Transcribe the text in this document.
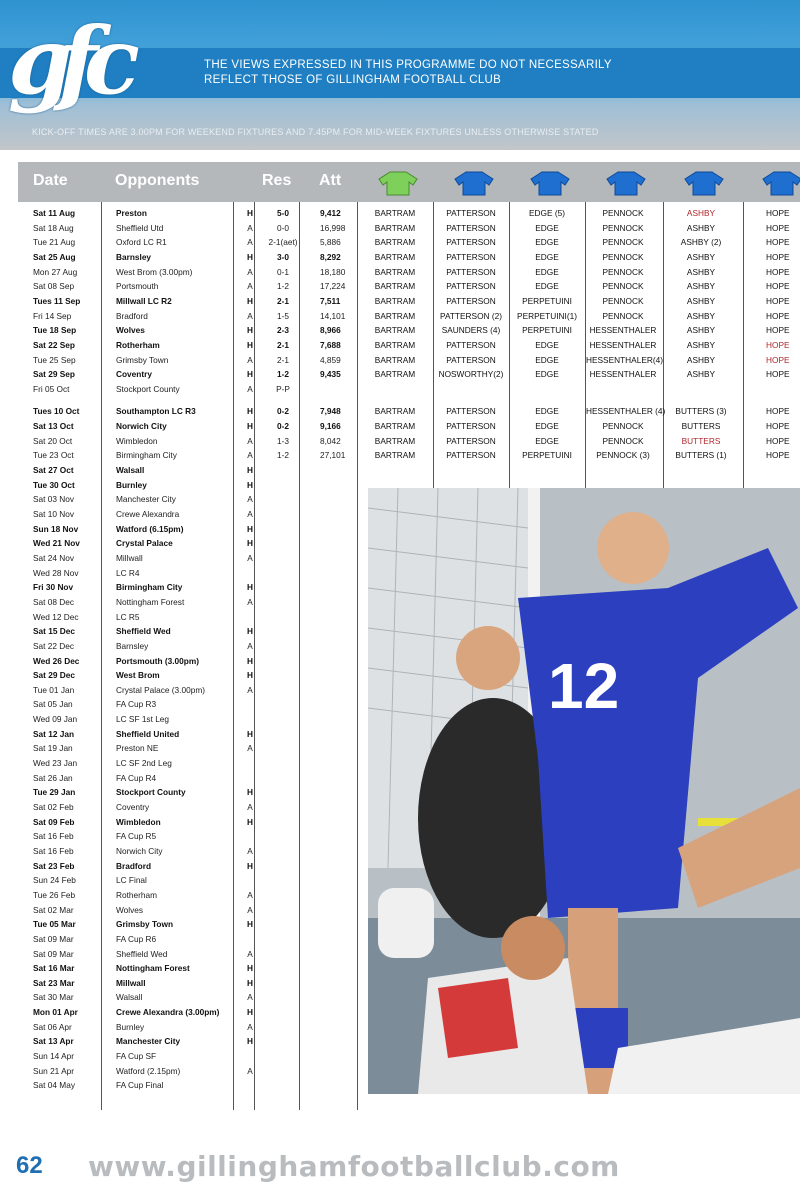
gfc	THE VIEWS EXPRESSED IN THIS PROGRAMME DO NOT NECESSARILY
REFLECT THOSE OF GILLINGHAM FOOTBALL CLUB
KICK-OFF TIMES ARE 3.00PM FOR WEEKEND FIXTURES AND 7.45PM FOR MID-WEEK FIXTURES UNLESS OTHERWISE STATED
Date	Opponents	Res Att
Sat 11 Aug	Preston	H	5-0	9,412	BARTRAM	PATTERSON	EDGE (5)	PENNOCK	ASHBY	HOPE
Sat 18 Aug	Sheffield Utd	A	0-0	16,998	BARTRAM	PATTERSON	EDGE	PENNOCK	ASHBY	HOPE
Tue 21 Aug	Oxford LC R1	A	2-1(aet)	5,886	BARTRAM	PATTERSON	EDGE	PENNOCK	ASHBY (2)	HOPE
Sat 25 Aug	Barnsley	H	3-0	8,292	BARTRAM	PATTERSON	EDGE	PENNOCK	ASHBY	HOPE
Mon 27 Aug	West Brom (3.00pm)	A	0-1	18,180	BARTRAM	PATTERSON	EDGE	PENNOCK	ASHBY	HOPE
Sat 08 Sep	Portsmouth	A	1-2	17,224	BARTRAM	PATTERSON	EDGE	PENNOCK	ASHBY	HOPE
Tues 11 Sep	Millwall LC R2	H	2-1	7,511	BARTRAM	PATTERSON	PERPETUINI	PENNOCK	ASHBY	HOPE
Fri 14 Sep	Bradford	A	1-5	14,101	BARTRAM	PATTERSON (2)	PERPETUINI(1)	PENNOCK	ASHBY	HOPE
Tue 18 Sep	Wolves	H	2-3	8,966	BARTRAM	SAUNDERS (4)	PERPETUINI	HESSENTHALER	ASHBY	HOPE
Sat 22 Sep	Rotherham	H	2-1	7,688	BARTRAM	PATTERSON	EDGE	HESSENTHALER	ASHBY	HOPE
Tue 25 Sep	Grimsby Town	A	2-1	4,859	BARTRAM	PATTERSON	EDGE	HESSENTHALER(4)	ASHBY	HOPE
Sat 29 Sep	Coventry	H	1-2	9,435	BARTRAM	NOSWORTHY(2)	EDGE	HESSENTHALER	ASHBY	HOPE
Fri 05 Oct	Stockport County	A	P-P
Tues 10 Oct	Southampton LC R3	H	0-2	7,948	BARTRAM	PATTERSON	EDGE	HESSENTHALER (4)	BUTTERS (3)	HOPE
Sat 13 Oct	Norwich City	H	0-2	9,166	BARTRAM	PATTERSON	EDGE	PENNOCK	BUTTERS	HOPE
Sat 20 Oct	Wimbledon	A	1-3	8,042	BARTRAM	PATTERSON	EDGE	PENNOCK	BUTTERS	HOPE
Tue 23 Oct	Birmingham City	A	1-2	27,101	BARTRAM	PATTERSON	PERPETUINI	PENNOCK (3)	BUTTERS (1)	HOPE
Sat 27 Oct	Walsall	H
Tue 30 Oct	Burnley	H
Sat 03 Nov	Manchester City	A
Sat 10 Nov	Crewe Alexandra	A
Sun 18 Nov	Watford (6.15pm)	H
Wed 21 Nov	Crystal Palace	H
Sat 24 Nov	Millwall	A
Wed 28 Nov	LC R4
Fri 30 Nov	Birmingham City	H
Sat 08 Dec	Nottingham Forest	A
Wed 12 Dec	LC R5
Sat 15 Dec	Sheffield Wed	H
Sat 22 Dec	Barnsley	A
Wed 26 Dec	Portsmouth (3.00pm)	H
Sat 29 Dec	West Brom	H
Tue 01 Jan	Crystal Palace (3.00pm)	A
Sat 05 Jan	FA Cup R3
Wed 09 Jan	LC SF 1st Leg
Sat 12 Jan	Sheffield United	H
Sat 19 Jan	Preston NE	A
Wed 23 Jan	LC SF 2nd Leg
Sat 26 Jan	FA Cup R4
Tue 29 Jan	Stockport County	H
Sat 02 Feb	Coventry	A
Sat 09 Feb	Wimbledon	H
Sat 16 Feb	FA Cup R5
Sat 16 Feb	Norwich City	A
Sat 23 Feb	Bradford	H
Sun 24 Feb	LC Final
Tue 26 Feb	Rotherham	A
Sat 02 Mar	Wolves	A
Tue 05 Mar	Grimsby Town	H
Sat 09 Mar	FA Cup R6
Sat 09 Mar	Sheffield Wed	A
Sat 16 Mar	Nottingham Forest	H
Sat 23 Mar	Millwall	H
Sat 30 Mar	Walsall	A
Mon 01 Apr	Crewe Alexandra (3.00pm)	H
Sat 06 Apr	Burnley	A
Sat 13 Apr	Manchester City	H
Sun 14 Apr	FA Cup SF
Sun 21 Apr	Watford (2.15pm)	A
Sat 04 May	FA Cup Final
12
62 www.gillinghamfootballclub.com
